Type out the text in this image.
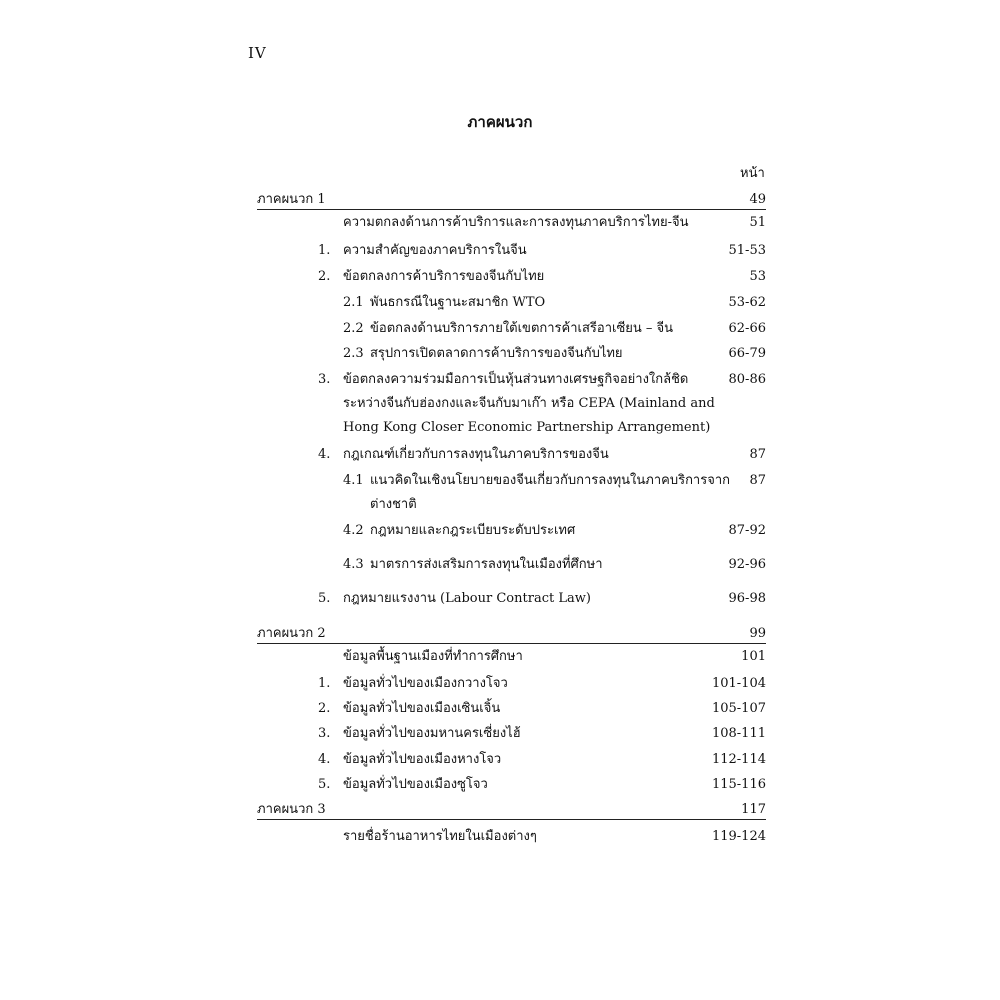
IV
ภาคผนวก
หน้า
ภาคผนวก 1	49
ความตกลงด้านการค้าบริการและการลงทุนภาคบริการไทย-จีน	51
1. ความสำคัญของภาคบริการในจีน	51-53
2. ข้อตกลงการค้าบริการของจีนกับไทย	53
2.1 พันธกรณีในฐานะสมาชิก WTO	53-62
2.2 ข้อตกลงด้านบริการภายใต้เขตการค้าเสรีอาเซียน – จีน	62-66
2.3 สรุปการเปิดตลาดการค้าบริการของจีนกับไทย	66-79
3. ข้อตกลงความร่วมมือการเป็นหุ้นส่วนทางเศรษฐกิจอย่างใกล้ชิด
ระหว่างจีนกับฮ่องกงและจีนกับมาเก๊า หรือ CEPA (Mainland and
Hong Kong Closer Economic Partnership Arrangement)
80-86
4. กฎเกณฑ์เกี่ยวกับการลงทุนในภาคบริการของจีน	87
4.1 แนวคิดในเชิงนโยบายของจีนเกี่ยวกับการลงทุนในภาคบริการจาก
ต่างชาติ
87
4.2 กฎหมายและกฎระเบียบระดับประเทศ	87-92
4.3 มาตรการส่งเสริมการลงทุนในเมืองที่ศึกษา	92-96
5. กฎหมายแรงงาน (Labour Contract Law)	96-98
ภาคผนวก 2	99
ข้อมูลพื้นฐานเมืองที่ทำการศึกษา	101
1. ข้อมูลทั่วไปของเมืองกวางโจว	101-104
2. ข้อมูลทั่วไปของเมืองเซินเจิ้น	105-107
3. ข้อมูลทั่วไปของมหานครเซี่ยงไฮ้	108-111
4. ข้อมูลทั่วไปของเมืองหางโจว	112-114
5. ข้อมูลทั่วไปของเมืองซูโจว	115-116
ภาคผนวก 3	117
รายชื่อร้านอาหารไทยในเมืองต่างๆ	119-124
